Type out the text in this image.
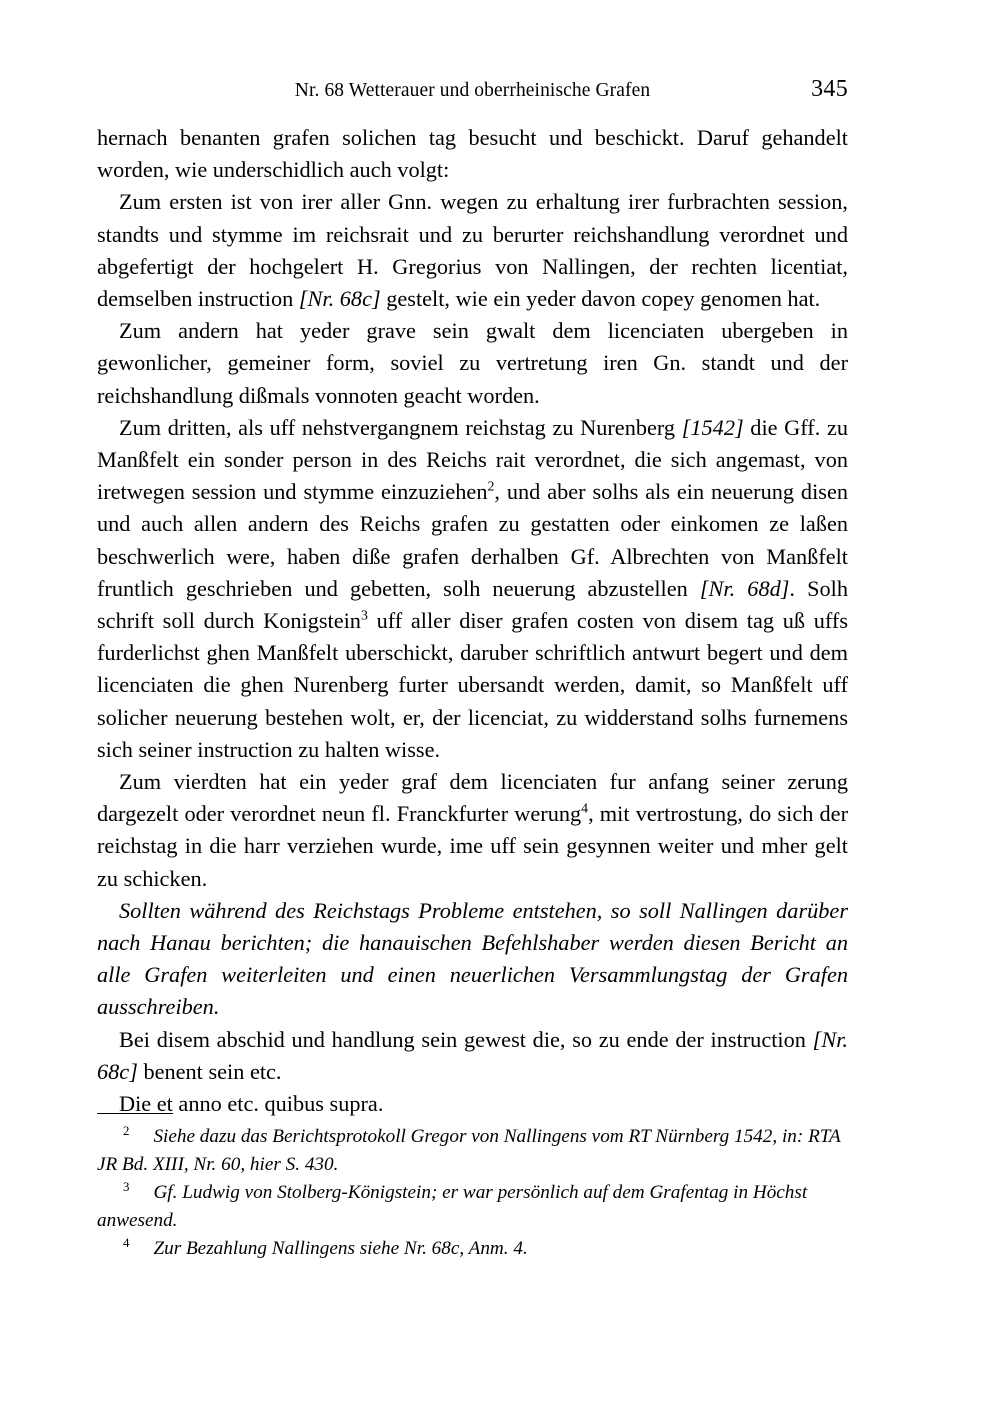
Nr. 68 Wetterauer und oberrheinische Grafen	345

hernach benanten grafen solichen tag besucht und beschickt. Daruf gehandelt worden, wie underschidlich auch volgt:

Zum ersten ist von irer aller Gnn. wegen zu erhaltung irer furbrachten session, standts und stymme im reichsrait und zu berurter reichshandlung verordnet und abgefertigt der hochgelert H. Gregorius von Nallingen, der rechten licentiat, demselben instruction [Nr. 68c] gestelt, wie ein yeder davon copey genomen hat.

Zum andern hat yeder grave sein gwalt dem licenciaten ubergeben in gewonlicher, gemeiner form, soviel zu vertretung iren Gn. standt und der reichshandlung dißmals vonnoten geacht worden.

Zum dritten, als uff nehstvergangnem reichstag zu Nurenberg [1542] die Gff. zu Manßfelt ein sonder person in des Reichs rait verordnet, die sich angemast, von iretwegen session und stymme einzuziehen$^2$, und aber solhs als ein neuerung disen und auch allen andern des Reichs grafen zu gestatten oder einkomen ze laßen beschwerlich were, haben diße grafen derhalben Gf. Albrechten von Manßfelt fruntlich geschrieben und gebetten, solh neuerung abzustellen [Nr. 68d]. Solh schrift soll durch Konigstein$^3$ uff aller diser grafen costen von disem tag uß uffs furderlichst ghen Manßfelt uberschickt, daruber schriftlich antwurt begert und dem licenciaten die ghen Nurenberg furter ubersandt werden, damit, so Manßfelt uff solicher neuerung bestehen wolt, er, der licenciat, zu widderstand solhs furnemens sich seiner instruction zu halten wisse.

Zum vierdten hat ein yeder graf dem licenciaten fur anfang seiner zerung dargezelt oder verordnet neun fl. Franckfurter werung$^4$, mit vertrostung, do sich der reichstag in die harr verziehen wurde, ime uff sein gesynnen weiter und mher gelt zu schicken.

Sollten während des Reichstags Probleme entstehen, so soll Nallingen darüber nach Hanau berichten; die hanauischen Befehlshaber werden diesen Bericht an alle Grafen weiterleiten und einen neuerlichen Versammlungstag der Grafen ausschreiben.

Bei disem abschid und handlung sein gewest die, so zu ende der instruction [Nr. 68c] benent sein etc.

Die et anno etc. quibus supra.

2 Siehe dazu das Berichtsprotokoll Gregor von Nallingens vom RT Nürnberg 1542, in: RTA JR Bd. XIII, Nr. 60, hier S. 430.

3 Gf. Ludwig von Stolberg-Königstein; er war persönlich auf dem Grafentag in Höchst anwesend.

4 Zur Bezahlung Nallingens siehe Nr. 68c, Anm. 4.
